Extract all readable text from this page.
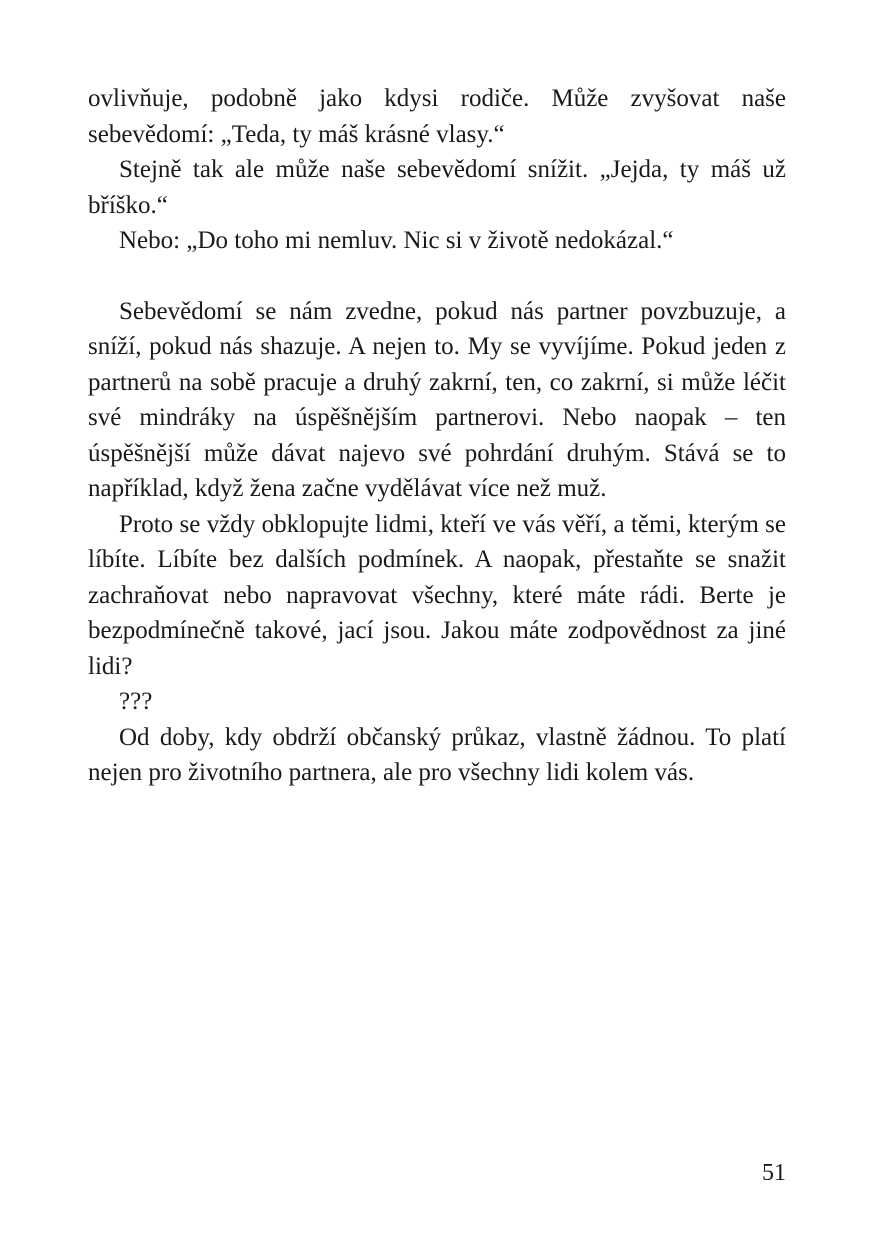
ovlivňuje, podobně jako kdysi rodiče. Může zvyšovat naše sebevědomí: „Teda, ty máš krásné vlasy.“

Stejně tak ale může naše sebevědomí snížit. „Jejda, ty máš už bříško.“

Nebo: „Do toho mi nemluv. Nic si v životě nedokázal.“

Sebevědomí se nám zvedne, pokud nás partner povzbuzuje, a sníží, pokud nás shazuje. A nejen to. My se vyvíjíme. Pokud jeden z partnerů na sobě pracuje a druhý zakrní, ten, co zakrní, si může léčit své mindráky na úspěšnějším partnerovi. Nebo naopak – ten úspěšnější může dávat najevo své pohrdání druhým. Stává se to například, když žena začne vydělávat více než muž.

Proto se vždy obklopujte lidmi, kteří ve vás věří, a těmi, kterým se líbíte. Líbíte bez dalších podmínek. A naopak, přestaňte se snažit zachraňovat nebo napravovat všechny, které máte rádi. Berte je bezpodmínečně takové, jací jsou. Jakou máte zodpovědnost za jiné lidi?

???

Od doby, kdy obdrží občanský průkaz, vlastně žádnou. To platí nejen pro životního partnera, ale pro všechny lidi kolem vás.

51
